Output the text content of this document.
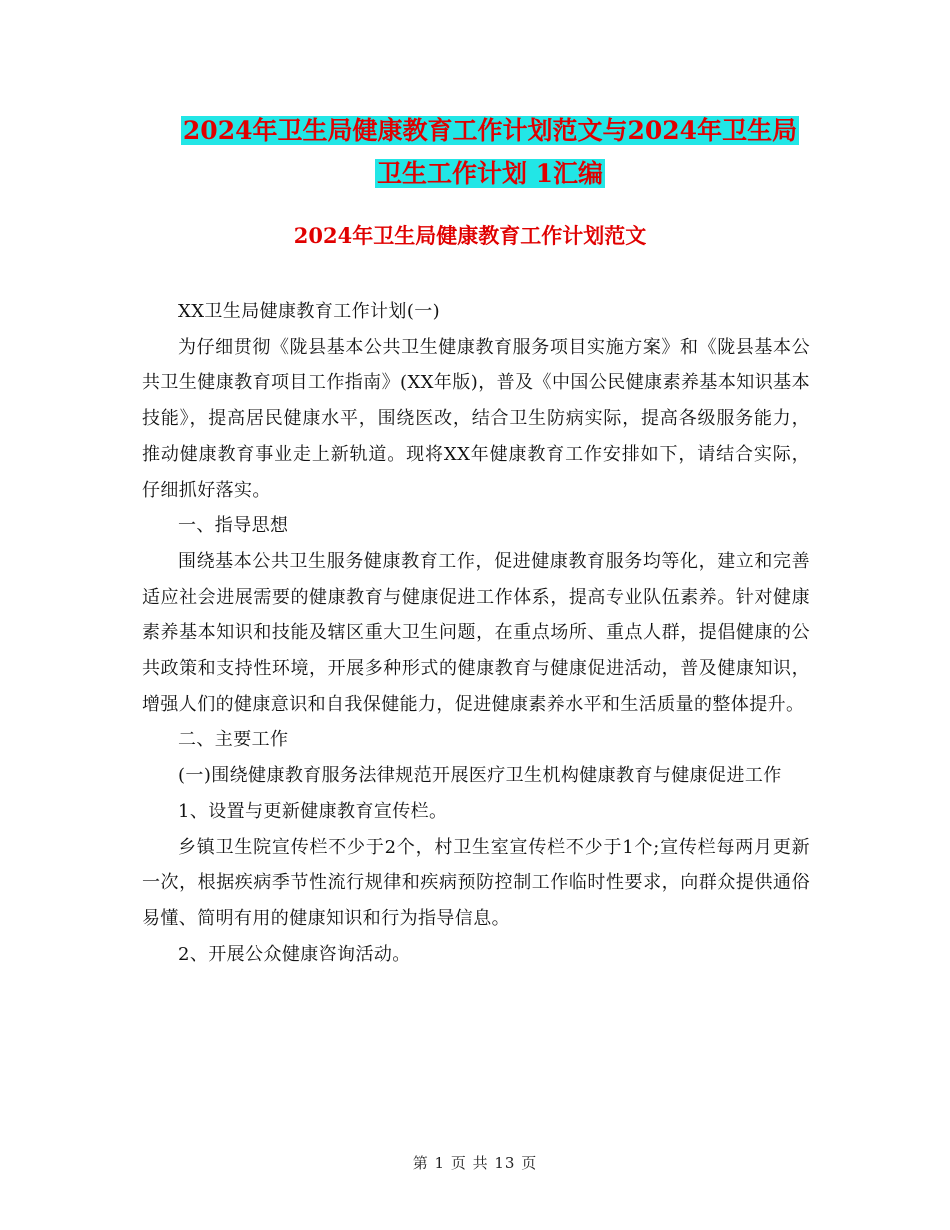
2024年卫生局健康教育工作计划范文与2024年卫生局
卫生工作计划 1汇编
2024年卫生局健康教育工作计划范文

XX卫生局健康教育工作计划(一)

为仔细贯彻《陇县基本公共卫生健康教育服务项目实施方案》和《陇县基本公共卫生健康教育项目工作指南》(XX年版)，普及《中国公民健康素养基本知识基本技能》，提高居民健康水平，围绕医改，结合卫生防病实际，提高各级服务能力，推动健康教育事业走上新轨道。现将XX年健康教育工作安排如下，请结合实际，仔细抓好落实。

一、指导思想

围绕基本公共卫生服务健康教育工作，促进健康教育服务均等化，建立和完善适应社会进展需要的健康教育与健康促进工作体系，提高专业队伍素养。针对健康素养基本知识和技能及辖区重大卫生问题，在重点场所、重点人群，提倡健康的公共政策和支持性环境，开展多种形式的健康教育与健康促进活动，普及健康知识，增强人们的健康意识和自我保健能力，促进健康素养水平和生活质量的整体提升。

二、主要工作

(一)围绕健康教育服务法律规范开展医疗卫生机构健康教育与健康促进工作

1、设置与更新健康教育宣传栏。

乡镇卫生院宣传栏不少于2个，村卫生室宣传栏不少于1个;宣传栏每两月更新一次，根据疾病季节性流行规律和疾病预防控制工作临时性要求，向群众提供通俗易懂、简明有用的健康知识和行为指导信息。

2、开展公众健康咨询活动。

第 1 页 共 13 页
